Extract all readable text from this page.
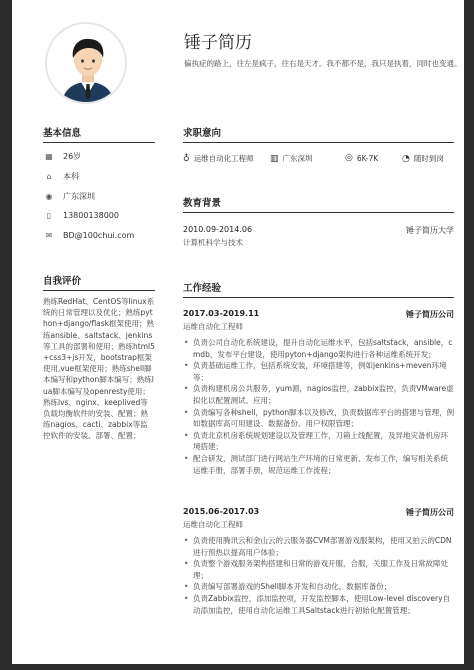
锤子简历
偏执症的路上，往左是疯子，往右是天才。我不都不是，我只是执着，同时也变通。
基本信息
▦ 26岁
⌂	本科
◉	广东深圳
▯	13800138000
✉	BD@100chui.com
自我评价
熟练RedHat、CentOS等linux系统的日常管理以及优化；熟练python+django/flask框架使用；熟练ansible、saltstack、jenkins等工具的部署和使用；熟练html5+css3+js开发，bootstrap框架使用,vue框架使用；熟练shell脚本编写和python脚本编写；熟练lua脚本编写及openresty使用；熟练lvs、nginx、keeplived等负载均衡软件的安装、配置；熟练nagios、cacti、zabbix等监控软件的安装、部署、配置；
求职意向
♁ 运维自动化工程师 ▥ 广东深圳	◎ 6K-7K	◔ 随时到岗
教育背景
2010.09-2014.06	锤子简历大学
计算机科学与技术
工作经验
2017.03-2019.11	锤子简历公司
运维自动化工程师
• 负责公司自动化系统建设，提升自动化运维水平，包括saltstack，ansible，cmdb，发布平台建设，使用pyton+django架构进行各种运维系统开发；
• 负责基础运维工作，包括系统安装，环境搭建等，例如jenkins+meven环境等；
• 负责构建机房公共服务，yum源，nagios监控，zabbix监控，负责VMware虚拟化以配置测试、应用；
• 负责编写各种shell，python脚本以及修改，负责数据库平台的搭建与管理，例如数据库高可用建设、数据备份、用户权限管理；
• 负责北京机房系统规划建设以及管理工作，刀箱上线配置，及异地灾备机房环境搭建；
• 配合研发、测试部门进行网站生产环境的日常更新、发布工作，编写相关系统运维手册，部署手册，规范运维工作流程；
2015.06-2017.03	锤子简历公司
运维自动化工程师
• 负责使用腾讯云和金山云的云服务器CVM部署游戏服架构，使用又拍云的CDN进行预热以提高用户体验；
• 负责整个游戏服务架构搭建和日常的游戏开服，合服，关服工作及日常故障处理；
• 负责编写部署游戏的Shell脚本开发和自动化，数据库备份；
• 负责Zabbix监控，添加监控项，开发监控脚本，使用Low-level discovery自动添加监控，使用自动化运维工具Saltstack进行初始化配置管理；
